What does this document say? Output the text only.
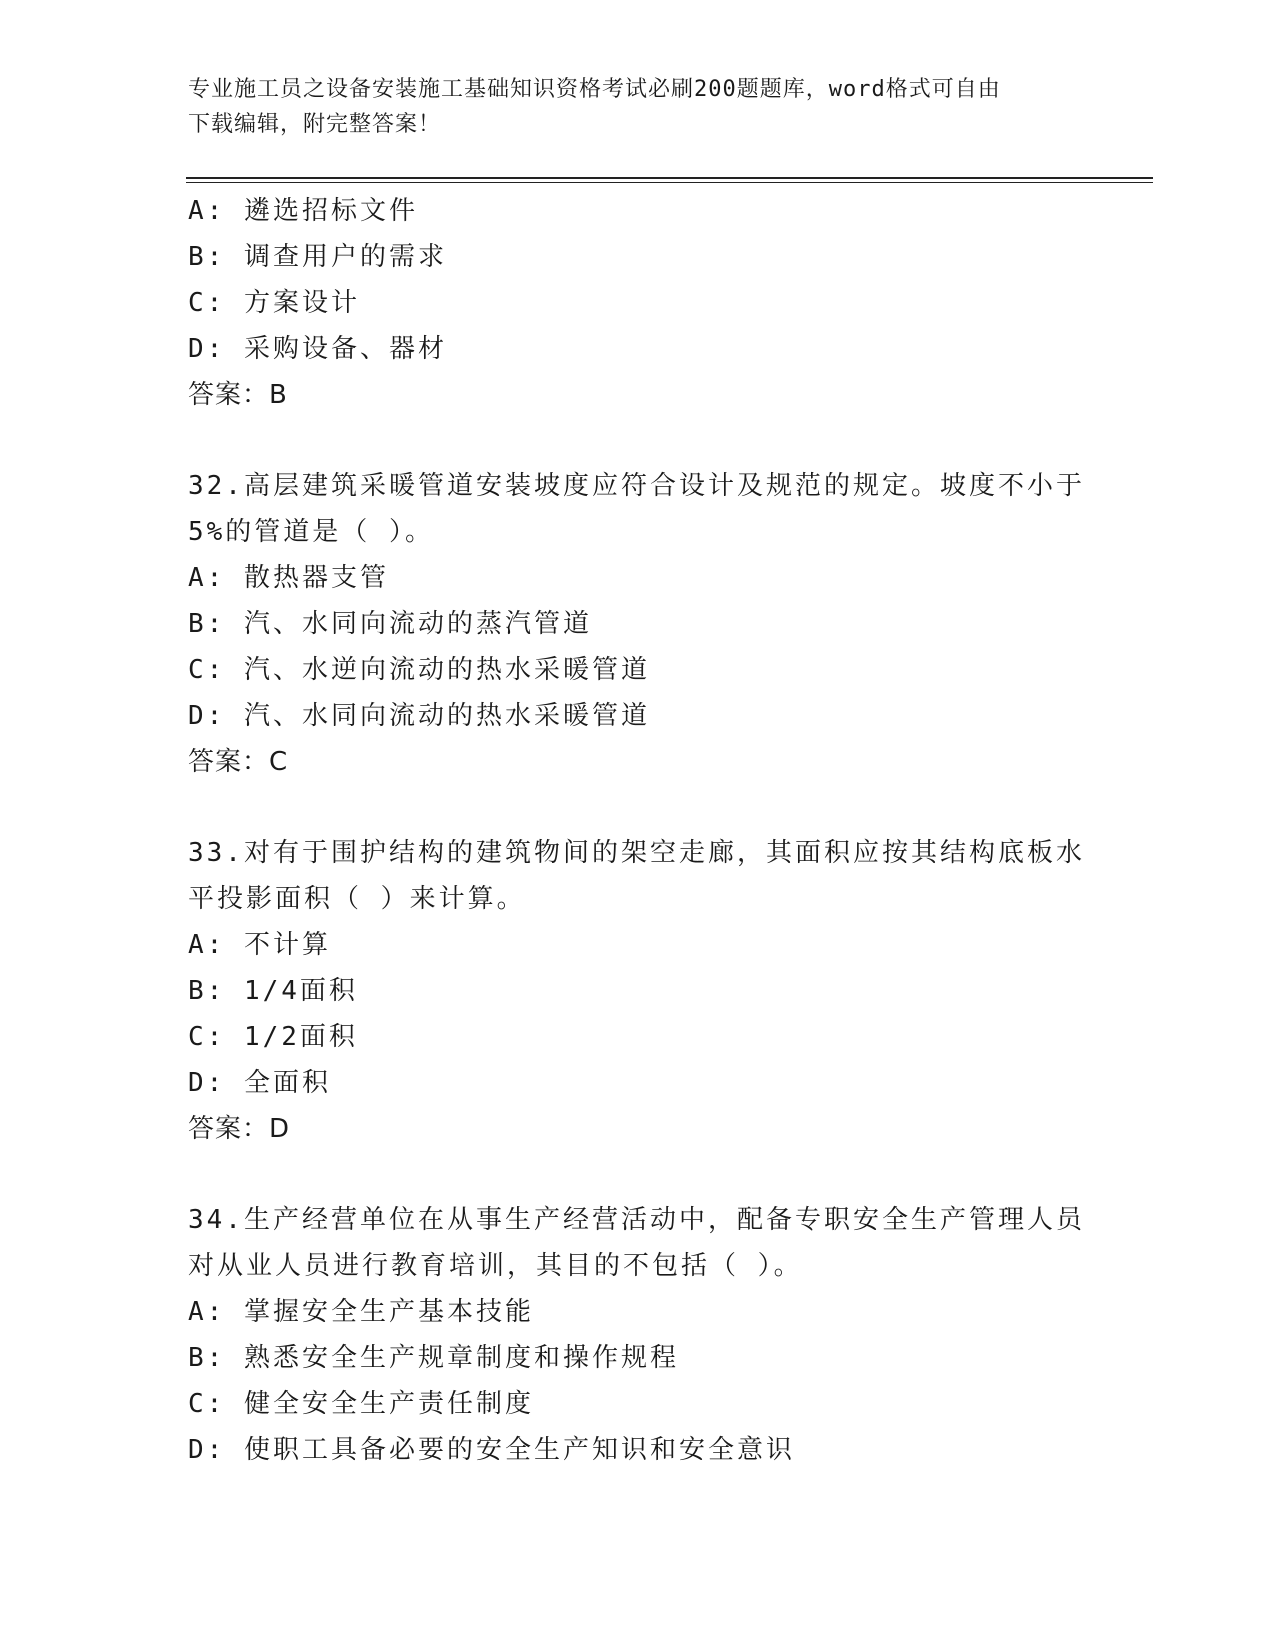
专业施工员之设备安装施工基础知识资格考试必刷200题题库，word格式可自由
下载编辑，附完整答案！
A: 遴选招标文件
B: 调查用户的需求
C: 方案设计
D: 采购设备、器材
答案：B
32.高层建筑采暖管道安装坡度应符合设计及规范的规定。坡度不小于
5%的管道是（ ）。
A: 散热器支管
B: 汽、水同向流动的蒸汽管道
C: 汽、水逆向流动的热水采暖管道
D: 汽、水同向流动的热水采暖管道
答案：C
33.对有于围护结构的建筑物间的架空走廊，其面积应按其结构底板水
平投影面积（ ）来计算。
A: 不计算
B: 1/4面积
C: 1/2面积
D: 全面积
答案：D
34.生产经营单位在从事生产经营活动中，配备专职安全生产管理人员
对从业人员进行教育培训，其目的不包括（ ）。
A: 掌握安全生产基本技能
B: 熟悉安全生产规章制度和操作规程
C: 健全安全生产责任制度
D: 使职工具备必要的安全生产知识和安全意识
